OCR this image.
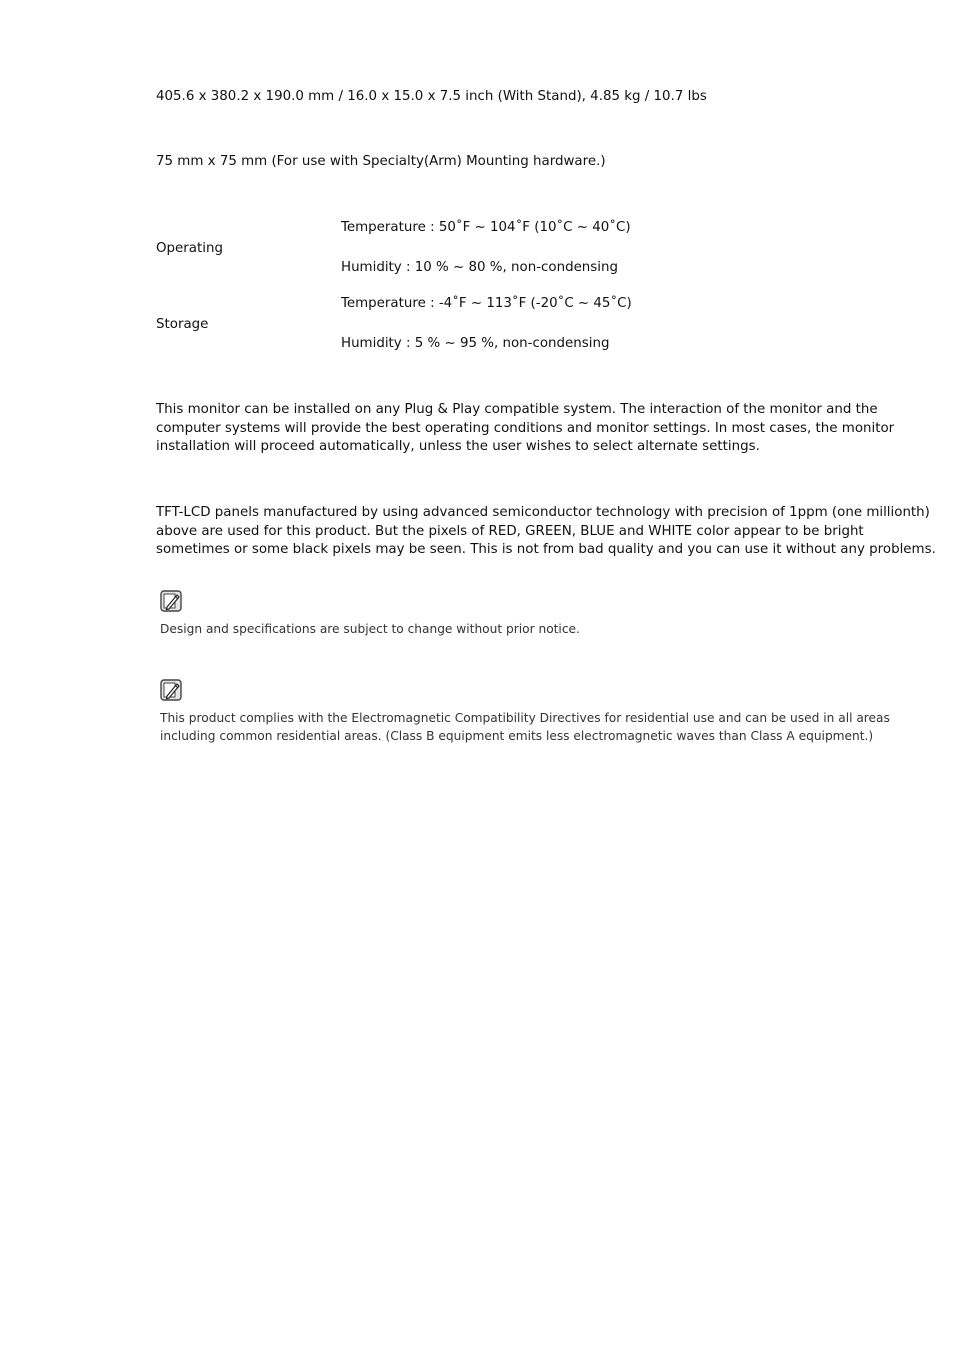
405.6 x 380.2 x 190.0 mm / 16.0 x 15.0 x 7.5 inch (With Stand), 4.85 kg / 10.7 lbs

75 mm x 75 mm (For use with Specialty(Arm) Mounting hardware.)

Operating

Temperature : 50˚F ~ 104˚F (10˚C ~ 40˚C)

Humidity : 10 % ~ 80 %, non-condensing

Storage

Temperature : -4˚F ~ 113˚F (-20˚C ~ 45˚C)

Humidity : 5 % ~ 95 %, non-condensing

This monitor can be installed on any Plug & Play compatible system. The interaction of the monitor and the
computer systems will provide the best operating conditions and monitor settings. In most cases, the monitor
installation will proceed automatically, unless the user wishes to select alternate settings.
TFT-LCD panels manufactured by using advanced semiconductor technology with precision of 1ppm (one millionth)
above are used for this product. But the pixels of RED, GREEN, BLUE and WHITE color appear to be bright
sometimes or some black pixels may be seen. This is not from bad quality and you can use it without any problems.

Design and specifications are subject to change without prior notice.

This product complies with the Electromagnetic Compatibility Directives for residential use and can be used in all areas
including common residential areas. (Class B equipment emits less electromagnetic waves than Class A equipment.)
